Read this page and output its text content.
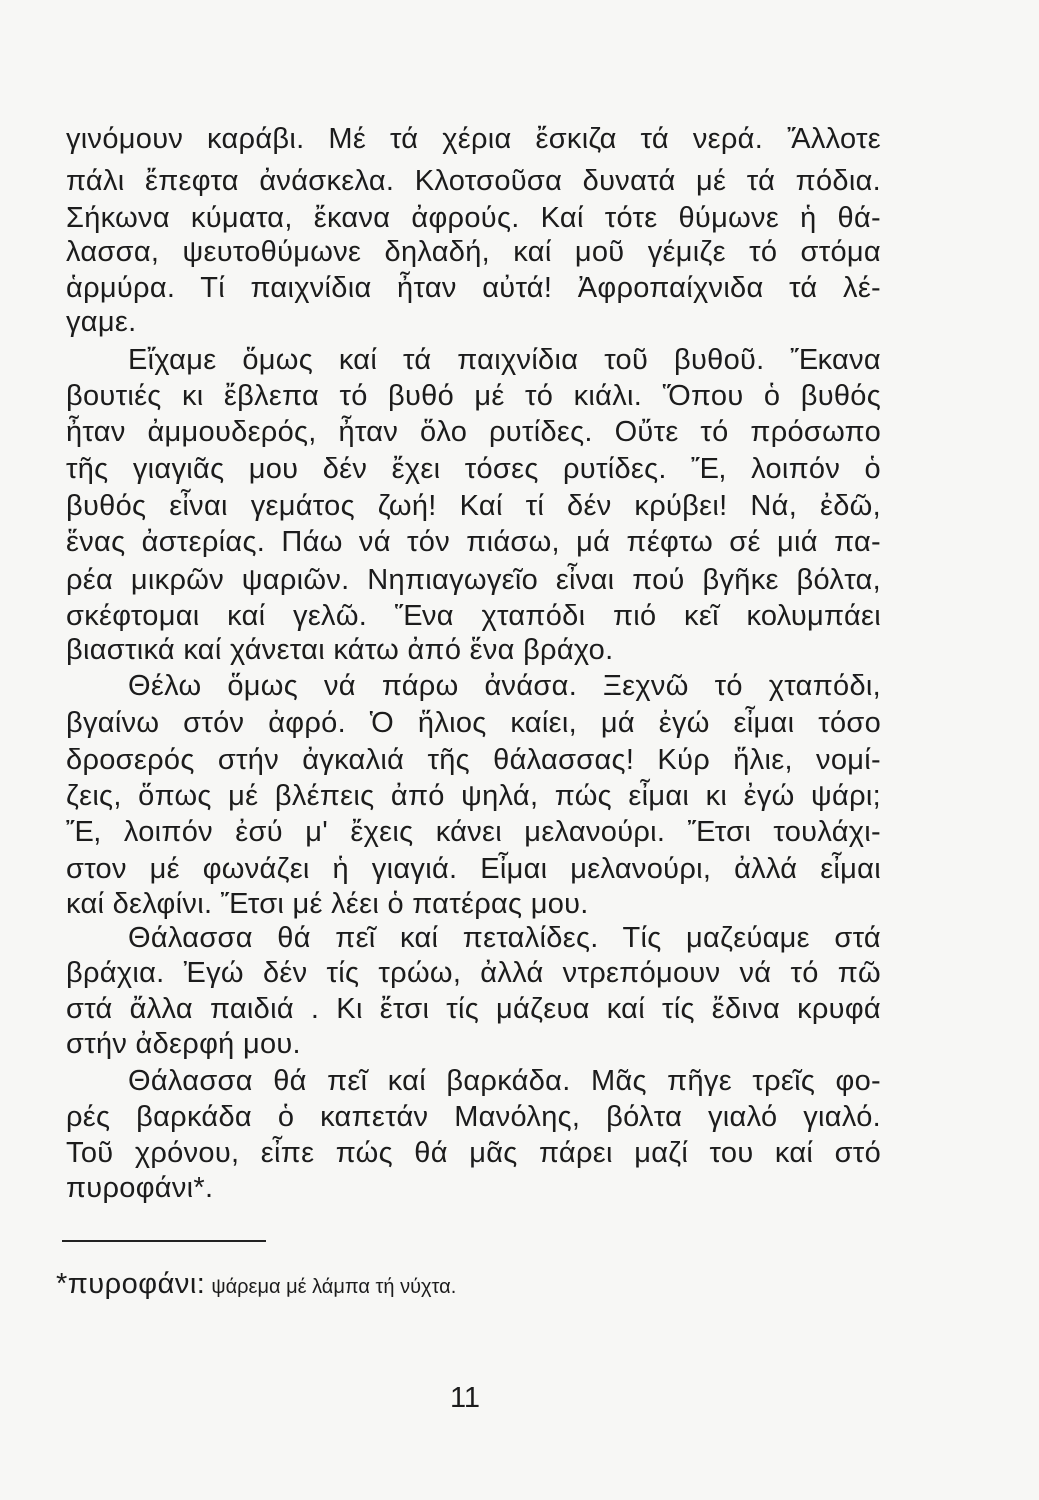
γινόμουν καράβι. Μέ τά χέρια ἔσκιζα τά νερά. Ἄλλοτε
πάλι ἔπεφτα ἀνάσκελα. Κλοτσοῦσα δυνατά μέ τά πόδια.
Σήκωνα κύματα, ἔκανα ἀφρούς. Καί τότε θύμωνε ἡ θά-
λασσα, ψευτοθύμωνε δηλαδή, καί μοῦ γέμιζε τό στόμα
ἁρμύρα. Τί παιχνίδια ἦταν αὐτά! Ἀφροπαίχνιδα τά λέ-
γαμε.
Εἴχαμε ὅμως καί τά παιχνίδια τοῦ βυθοῦ. Ἔκανα
βουτιές κι ἔβλεπα τό βυθό μέ τό κιάλι. Ὅπου ὁ βυθός
ἦταν ἀμμουδερός, ἦταν ὅλο ρυτίδες. Οὔτε τό πρόσωπο
τῆς γιαγιᾶς μου δέν ἔχει τόσες ρυτίδες. Ἔ, λοιπόν ὁ
βυθός εἶναι γεμάτος ζωή! Καί τί δέν κρύβει! Νά, ἐδῶ,
ἕνας ἀστερίας. Πάω νά τόν πιάσω, μά πέφτω σέ μιά πα-
ρέα μικρῶν ψαριῶν. Νηπιαγωγεῖο εἶναι πού βγῆκε βόλτα,
σκέφτομαι καί γελῶ. Ἕνα χταπόδι πιό κεῖ κολυμπάει
βιαστικά καί χάνεται κάτω ἀπό ἕνα βράχο.
Θέλω ὅμως νά πάρω ἀνάσα. Ξεχνῶ τό χταπόδι,
βγαίνω στόν ἀφρό. Ὁ ἥλιος καίει, μά ἐγώ εἶμαι τόσο
δροσερός στήν ἀγκαλιά τῆς θάλασσας! Κύρ ἥλιε, νομί-
ζεις, ὅπως μέ βλέπεις ἀπό ψηλά, πώς εἶμαι κι ἐγώ ψάρι;
Ἔ, λοιπόν ἐσύ μ' ἔχεις κάνει μελανούρι. Ἔτσι τουλάχι-
στον μέ φωνάζει ἡ γιαγιά. Εἶμαι μελανούρι, ἀλλά εἶμαι
καί δελφίνι. Ἔτσι μέ λέει ὁ πατέρας μου.
Θάλασσα θά πεῖ καί πεταλίδες. Τίς μαζεύαμε στά
βράχια. Ἐγώ δέν τίς τρώω, ἀλλά ντρεπόμουν νά τό πῶ
στά ἄλλα παιδιά . Κι ἔτσι τίς μάζευα καί τίς ἔδινα κρυφά
στήν ἀδερφή μου.
Θάλασσα θά πεῖ καί βαρκάδα. Μᾶς πῆγε τρεῖς φο-
ρές βαρκάδα ὁ καπετάν Μανόλης, βόλτα γιαλό γιαλό.
Τοῦ χρόνου, εἶπε πώς θά μᾶς πάρει μαζί του καί στό
πυροφάνι*.
*πυροφάνι: ψάρεμα μέ λάμπα τή νύχτα.
11
